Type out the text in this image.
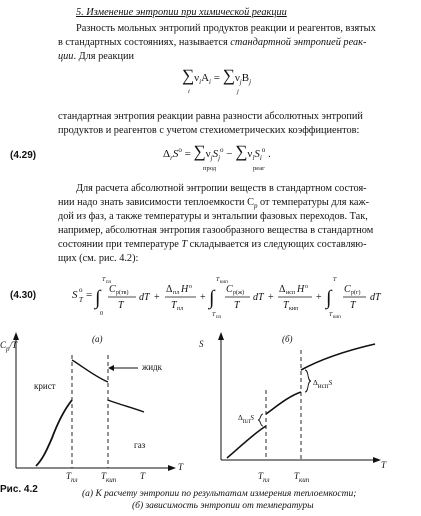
5. Изменение энтропии при химической реакции
Разность мольных энтропий продуктов реакции и реагентов, взятых
в стандартных состояниях, называется стандартной энтропией реак-
ции. Для реакции
$\sum\nu_iA_i = \sum\nu_jB_j$
i	j
стандартная энтропия реакции равна разности абсолютных энтропий
продуктов и реагентов с учетом стехиометрических коэффициентов:
(4.29)	$\Delta_rS^o = \sum\nu_jS_j^o - \sum\nu_iS_i^o$ .
прод	реаг
Для расчета абсолютной энтропии веществ в стандартном состоя-
нии надо знать зависимости теплоемкости $C_p$ от температуры для каж-
дой из фаз, а также температуры и энтальпии фазовых переходов. Так,
например, абсолютная энтропия газообразного вещества в стандартном
состоянии при температуре T складывается из следующих составляю-
щих (см. рис. 4.2):
(4.30)	S T
o = ∫
T пл
0
C p(тв)
T
dT +
Δ пл H o
T пл
+ ∫
T кип
T пл
C p(ж)
T
dT +
Δ исп H o
T кип
+ ∫
T
T кип
C p(г)
T
dT
(а)
$C_p/T$
крист
жидк
газ
T
$T_{пл}$	$T_{кип}$	T
(б)
S
ΔплS
ΔиспS
T
$T_{пл}$	$T_{кип}$
Рис. 4.2	(а) К расчету энтропии по результатам измерения теплоемкости;
(б) зависимость энтропии от температуры
